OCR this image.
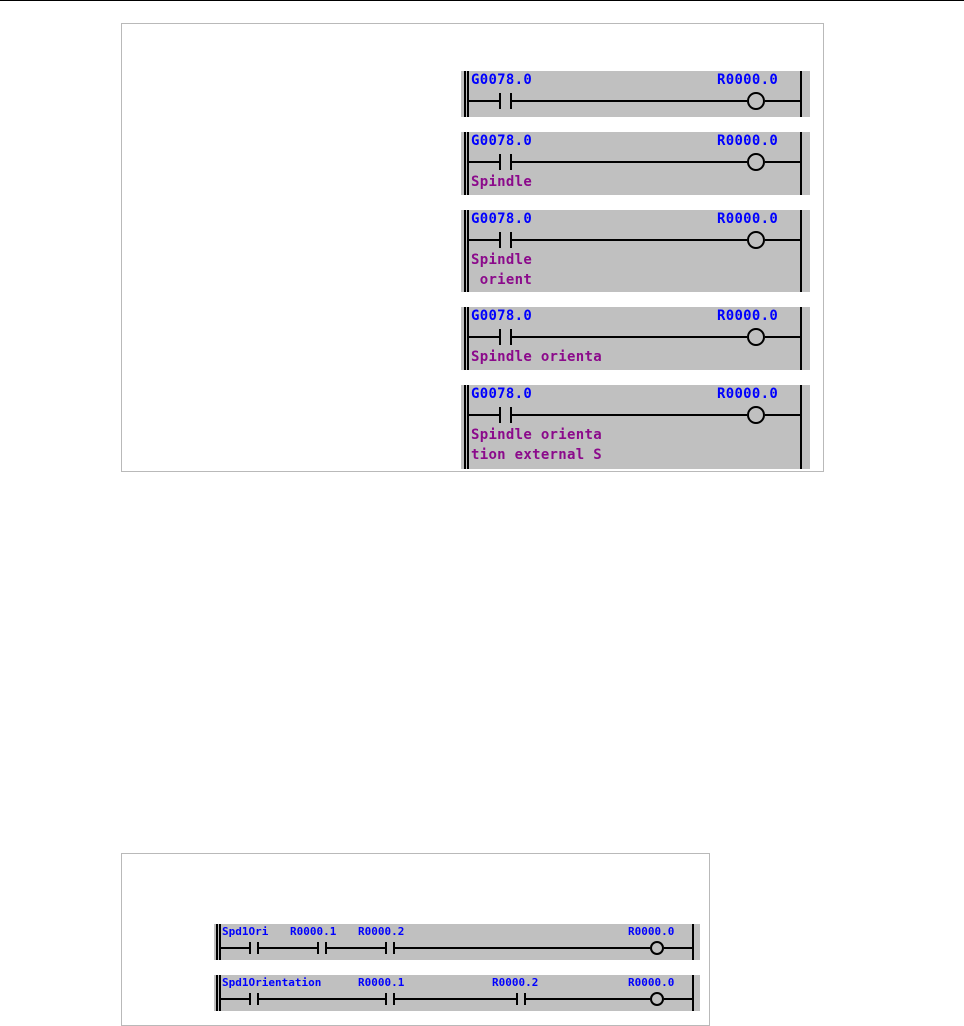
G0078.0	R0000.0
G0078.0	R0000.0
Spindle
G0078.0	R0000.0
Spindle
orient
G0078.0	R0000.0
Spindle orienta
G0078.0	R0000.0
Spindle orienta
tion external S
Spd1Ori R0000.1 R0000.2	R0000.0
Spd1Orientation	R0000.1	R0000.2	R0000.0
